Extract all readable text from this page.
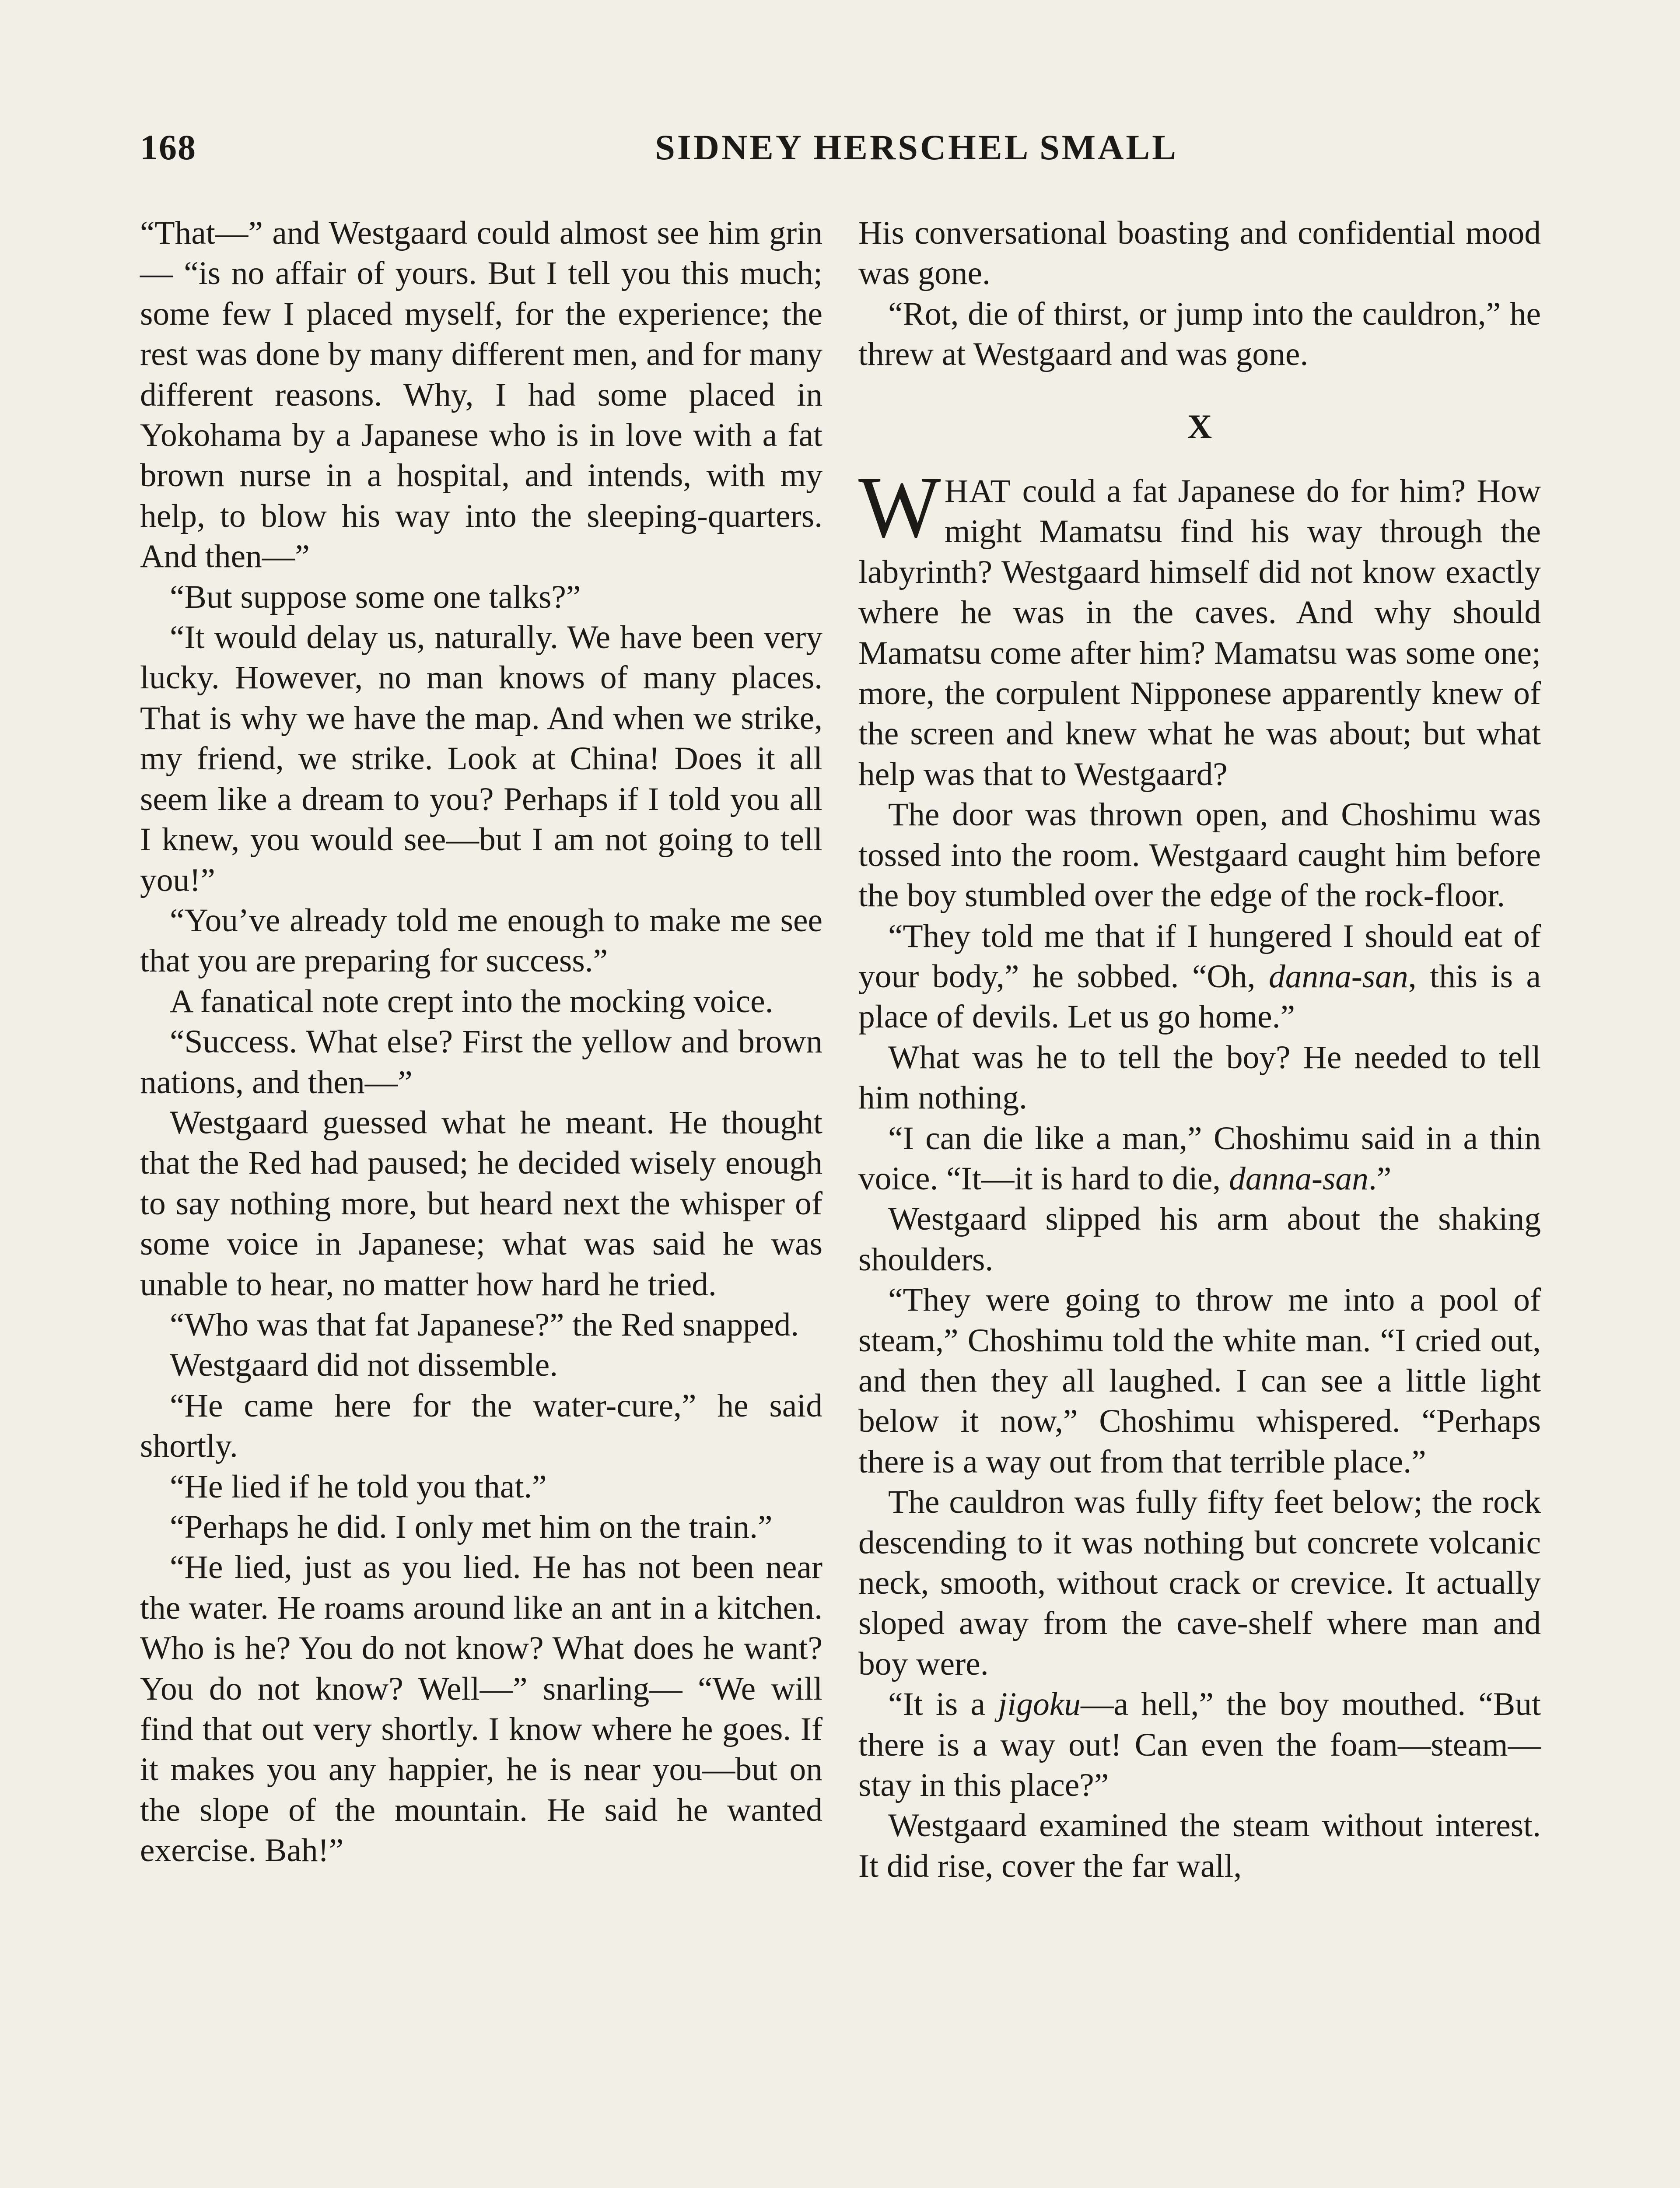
168	SIDNEY HERSCHEL SMALL

“That—” and Westgaard could almost see him grin— “is no affair of yours. But I tell you this much; some few I placed myself, for the experience; the rest was done by many different men, and for many different reasons. Why, I had some placed in Yokohama by a Japanese who is in love with a fat brown nurse in a hospital, and intends, with my help, to blow his way into the sleeping-quarters. And then—”

“But suppose some one talks?”

“It would delay us, naturally. We have been very lucky. However, no man knows of many places. That is why we have the map. And when we strike, my friend, we strike. Look at China! Does it all seem like a dream to you? Perhaps if I told you all I knew, you would see—but I am not going to tell you!”

“You’ve already told me enough to make me see that you are preparing for success.”

A fanatical note crept into the mocking voice.

“Success. What else? First the yellow and brown nations, and then—”

Westgaard guessed what he meant. He thought that the Red had paused; he decided wisely enough to say nothing more, but heard next the whisper of some voice in Japanese; what was said he was unable to hear, no matter how hard he tried.

“Who was that fat Japanese?” the Red snapped.

Westgaard did not dissemble.

“He came here for the water-cure,” he said shortly.

“He lied if he told you that.”

“Perhaps he did. I only met him on the train.”

“He lied, just as you lied. He has not been near the water. He roams around like an ant in a kitchen. Who is he? You do not know? What does he want? You do not know? Well—” snarling— “We will find that out very shortly. I know where he goes. If it makes you any happier, he is near you—but on the slope of the mountain. He said he wanted exercise. Bah!”

His conversational boasting and confidential mood was gone.

“Rot, die of thirst, or jump into the cauldron,” he threw at Westgaard and was gone.

X

WHAT could a fat Japanese do for him? How might Mamatsu find his way through the labyrinth? Westgaard himself did not know exactly where he was in the caves. And why should Mamatsu come after him? Mamatsu was some one; more, the corpulent Nipponese apparently knew of the screen and knew what he was about; but what help was that to Westgaard?

The door was thrown open, and Choshimu was tossed into the room. Westgaard caught him before the boy stumbled over the edge of the rock-floor.

“They told me that if I hungered I should eat of your body,” he sobbed. “Oh, danna-san, this is a place of devils. Let us go home.”

What was he to tell the boy? He needed to tell him nothing.

“I can die like a man,” Choshimu said in a thin voice. “It—it is hard to die, danna-san.”

Westgaard slipped his arm about the shaking shoulders.

“They were going to throw me into a pool of steam,” Choshimu told the white man. “I cried out, and then they all laughed. I can see a little light below it now,” Choshimu whispered. “Perhaps there is a way out from that terrible place.”

The cauldron was fully fifty feet below; the rock descending to it was nothing but concrete volcanic neck, smooth, without crack or crevice. It actually sloped away from the cave-shelf where man and boy were.

“It is a jigoku—a hell,” the boy mouthed. “But there is a way out! Can even the foam—steam—stay in this place?”

Westgaard examined the steam without interest. It did rise, cover the far wall,
